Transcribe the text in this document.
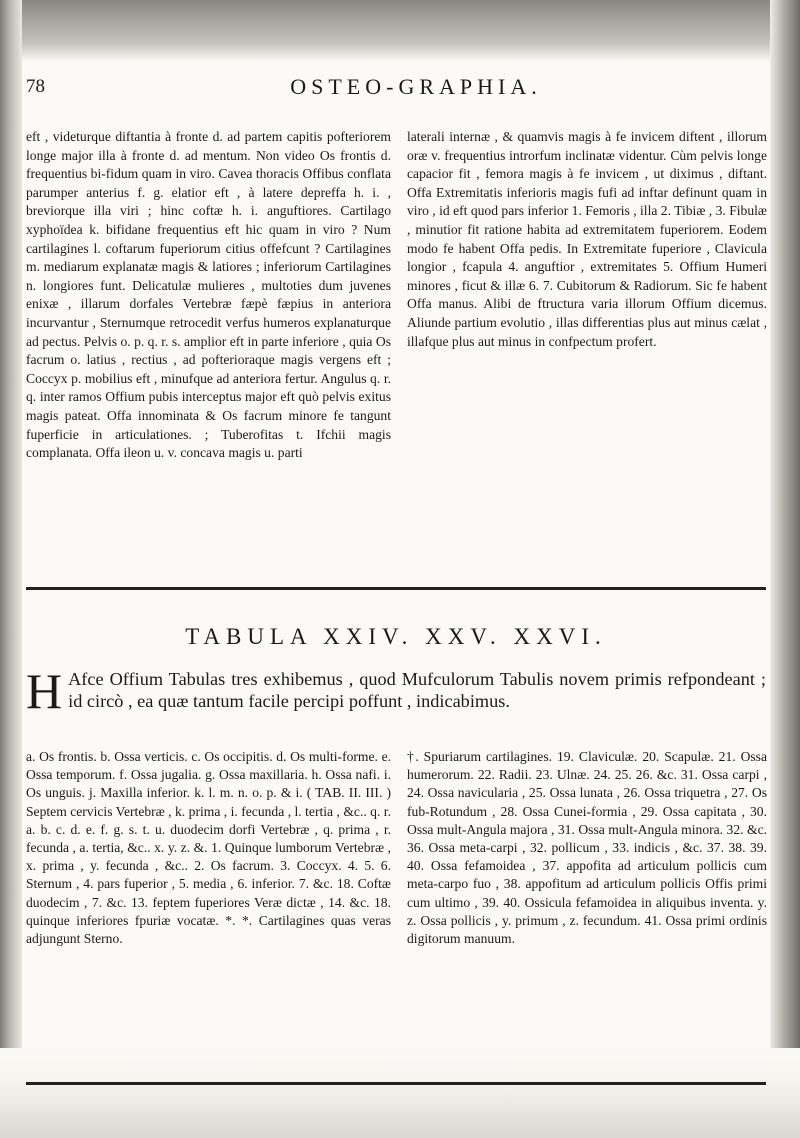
78	OSTEO-GRAPHIA.

eft , videturque diftantia à fronte d. ad partem capitis pofteriorem longe major illa à fronte d. ad mentum. Non video Os frontis d. frequentius bi-fidum quam in viro. Cavea thoracis Offibus conflata parumper anterius f. g. elatior eft , à latere depreffa h. i. , breviorque illa viri ; hinc coftæ h. i. anguftiores. Cartilago xyphoïdea k. bifidane frequentius eft hic quam in viro ? Num cartilagines l. coftarum fuperiorum citius offefcunt ? Cartilagines m. mediarum explanatæ magis & latiores ; inferiorum Cartilagines n. longiores funt. Delicatulæ mulieres , multoties dum juvenes enixæ , illarum dorfales Vertebræ fæpè fæpius in anteriora incurvantur , Sternumque retrocedit verfus humeros explanaturque ad pectus. Pelvis o. p. q. r. s. amplior eft in parte inferiore , quia Os facrum o. latius , rectius , ad pofterioraque magis vergens eft ; Coccyx p. mobilius eft , minufque ad anteriora fertur. Angulus q. r. q. inter ramos Offium pubis interceptus major eft quò pelvis exitus magis pateat. Offa innominata & Os facrum minore fe tangunt fuperficie in articulationes. ; Tuberofitas t. Ifchii magis complanata. Offa ileon u. v. concava magis u. parti

laterali internæ , & quamvis magis à fe invicem diftent , illorum oræ v. frequentius introrfum inclinatæ videntur. Cùm pelvis longe capacior fit , femora magis à fe invicem , ut diximus , diftant. Offa Extremitatis inferioris magis fufi ad inftar definunt quam in viro , id eft quod pars inferior 1. Femoris , illa 2. Tibiæ , 3. Fibulæ , minutior fit ratione habita ad extremitatem fuperiorem. Eodem modo fe habent Offa pedis. In Extremitate fuperiore , Clavicula longior , fcapula 4. anguftior , extremitates 5. Offium Humeri minores , ficut & illæ 6. 7. Cubitorum & Radiorum. Sic fe habent Offa manus. Alibi de ftructura varia illorum Offium dicemus. Aliunde partium evolutio , illas differentias plus aut minus cælat , illafque plus aut minus in confpectum profert.

TABULA XXIV. XXV. XXVI.
H Afce Offium Tabulas tres exhibemus , quod Mufculorum Tabulis novem primis refpondeant ; id circò , ea quæ tantum facile percipi poffunt , indicabimus.

a. Os frontis. b. Ossa verticis. c. Os occipitis. d. Os multi-forme. e. Ossa temporum. f. Ossa jugalia. g. Ossa maxillaria. h. Ossa nafi. i. Os unguis. j. Maxilla inferior. k. l. m. n. o. p. & i. ( TAB. II. III. ) Septem cervicis Vertebræ , k. prima , i. fecunda , l. tertia , &c.. q. r. a. b. c. d. e. f. g. s. t. u. duodecim dorfi Vertebræ , q. prima , r. fecunda , a. tertia, &c.. x. y. z. &. 1. Quinque lumborum Vertebræ , x. prima , y. fecunda , &c.. 2. Os facrum. 3. Coccyx. 4. 5. 6. Sternum , 4. pars fuperior , 5. media , 6. inferior. 7. &c. 18. Coftæ duodecim , 7. &c. 13. feptem fuperiores Veræ dictæ , 14. &c. 18. quinque inferiores fpuriæ vocatæ. *. *. Cartilagines quas veras adjungunt Sterno.

†. Spuriarum cartilagines. 19. Claviculæ. 20. Scapulæ. 21. Ossa humerorum. 22. Radii. 23. Ulnæ. 24. 25. 26. &c. 31. Ossa carpi , 24. Ossa navicularia , 25. Ossa lunata , 26. Ossa triquetra , 27. Os fub-Rotundum , 28. Ossa Cunei-formia , 29. Ossa capitata , 30. Ossa mult-Angula majora , 31. Ossa mult-Angula minora. 32. &c. 36. Ossa meta-carpi , 32. pollicum , 33. indicis , &c. 37. 38. 39. 40. Ossa fefamoidea , 37. appofita ad articulum pollicis cum meta-carpo fuo , 38. appofitum ad articulum pollicis Offis primi cum ultimo , 39. 40. Ossicula fefamoidea in aliquibus inventa. y. z. Ossa pollicis , y. primum , z. fecundum. 41. Ossa primi ordinis digitorum manuum.
